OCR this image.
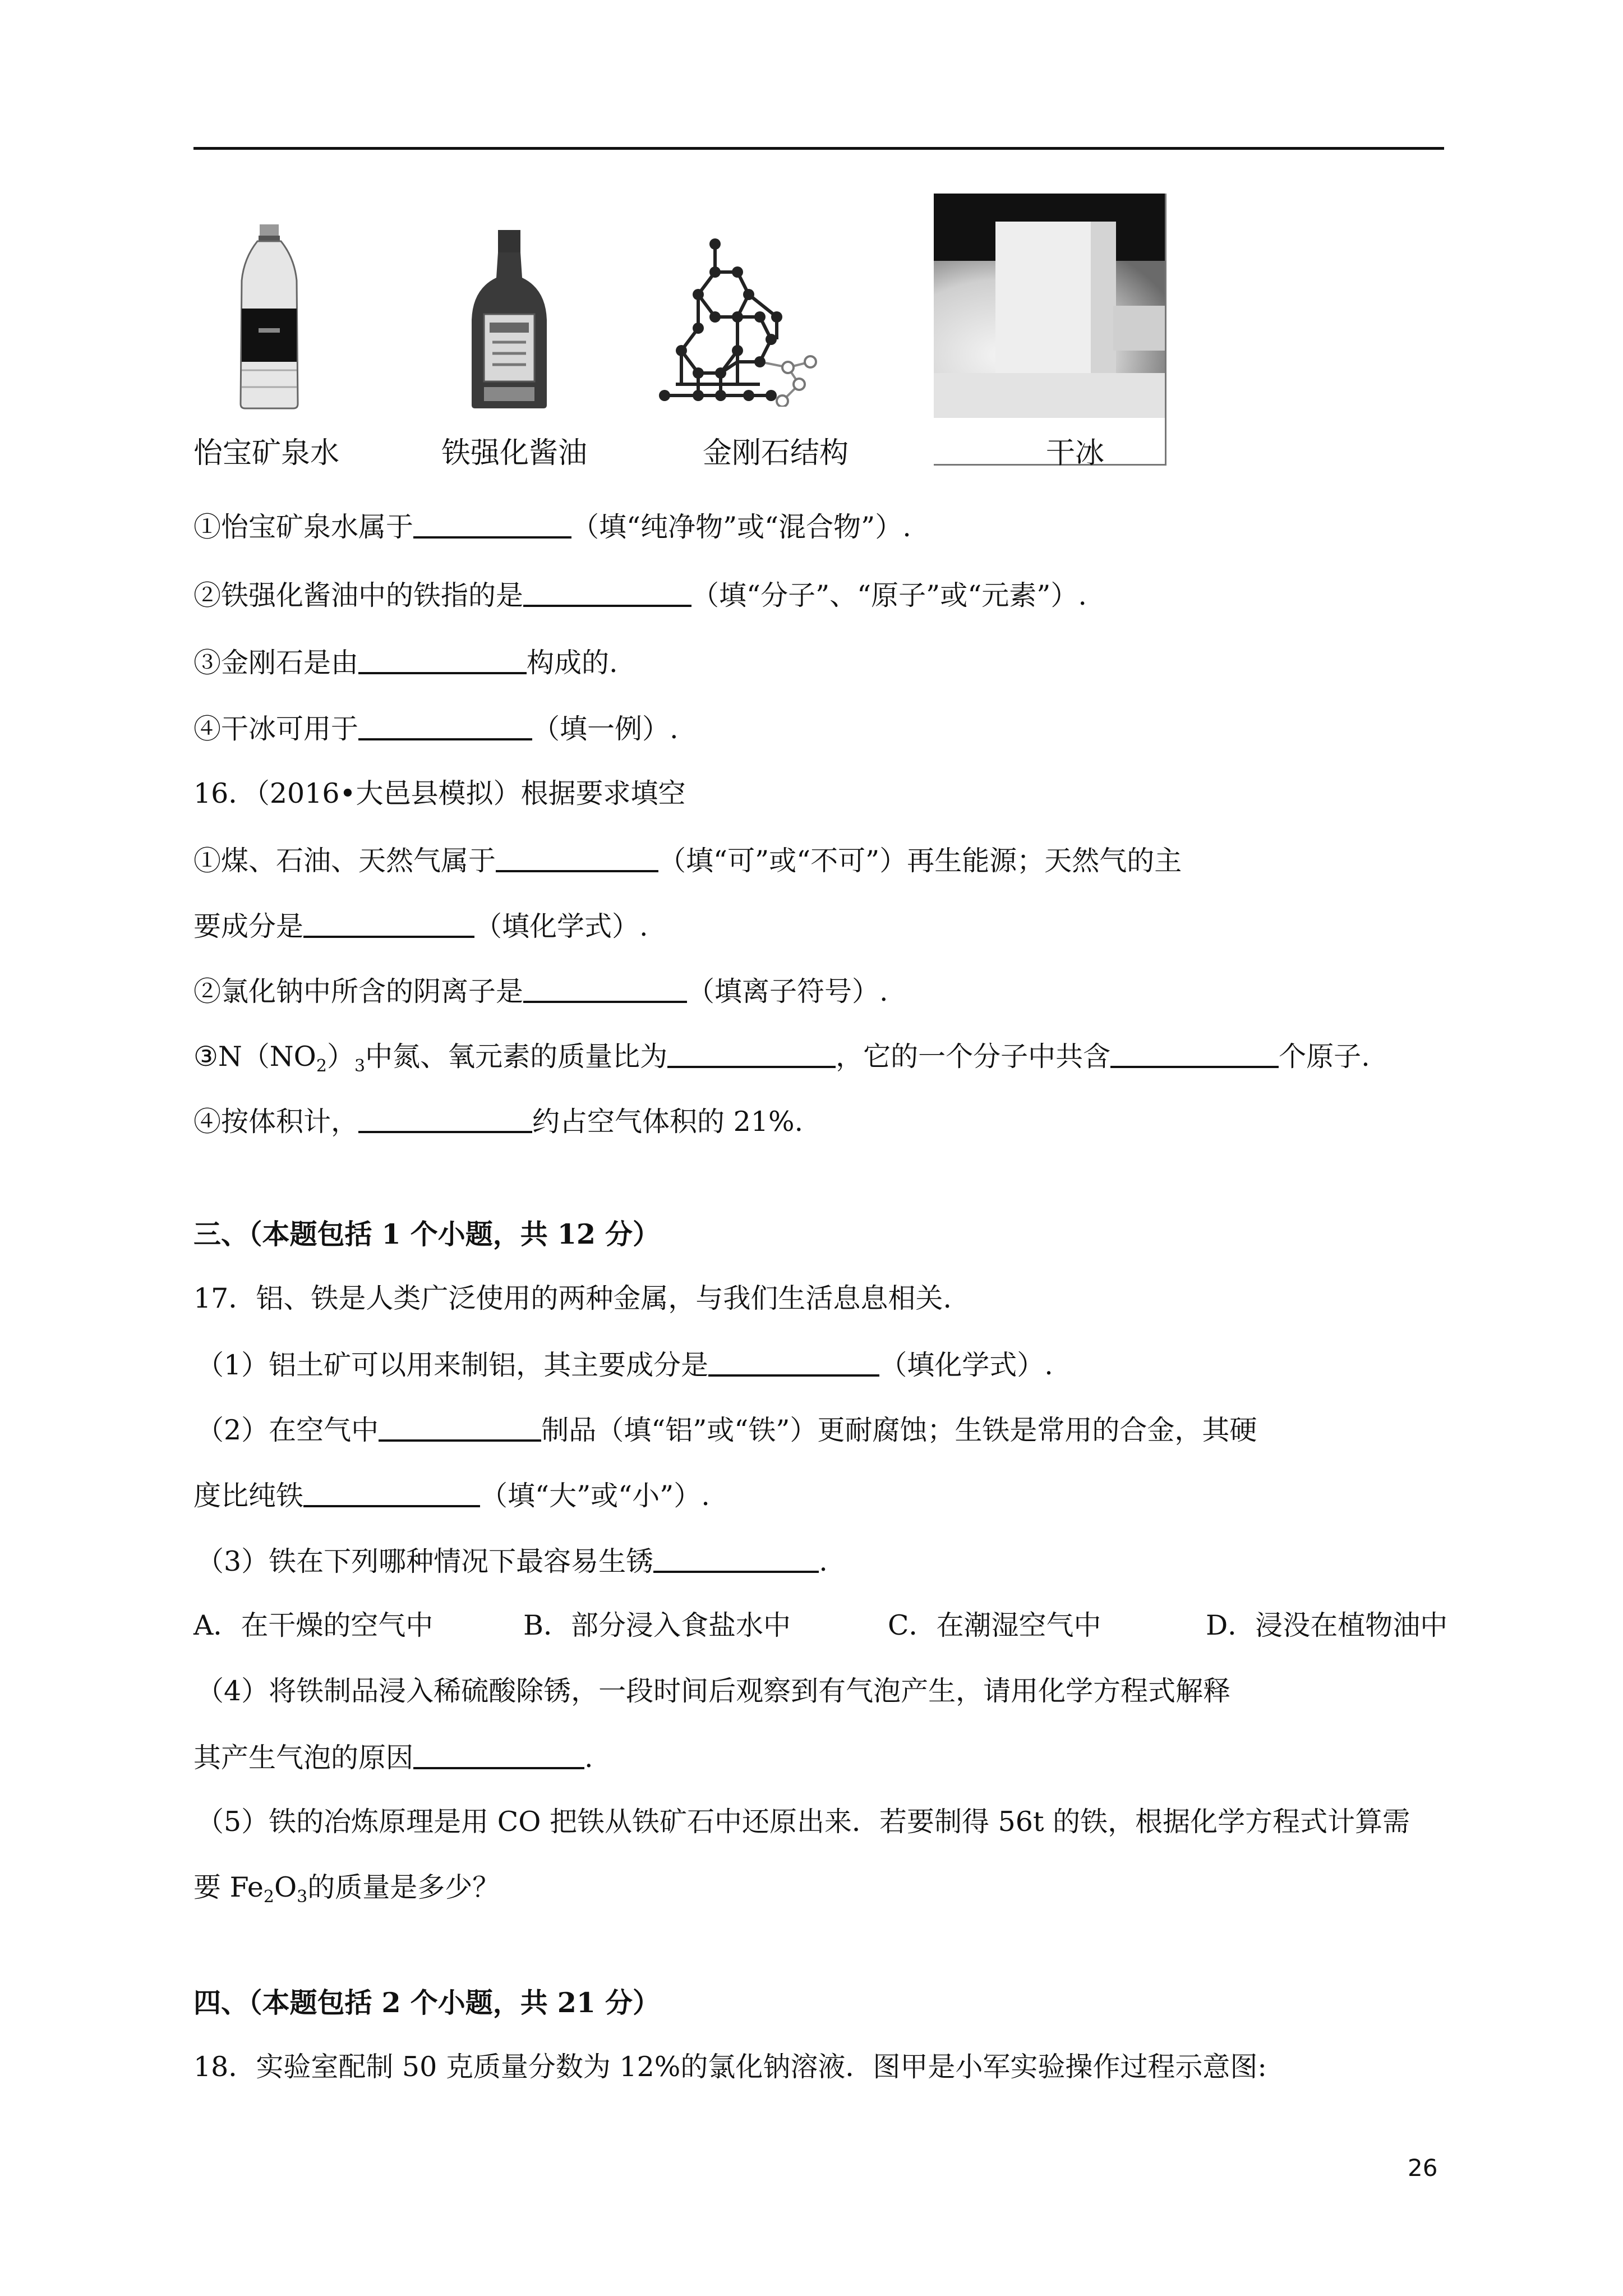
怡宝矿泉水	铁强化酱油	金刚石结构	干冰
①怡宝矿泉水属于	（填“纯净物”或“混合物”）.
②铁强化酱油中的铁指的是	（填“分子”、“原子”或“元素”）.
③金刚石是由	构成的.
④干冰可用于	（填一例）.
16．（2016•大邑县模拟）根据要求填空
①煤、石油、天然气属于	（填“可”或“不可”）再生能源；天然气的主
要成分是	（填化学式）.
②氯化钠中所含的阴离子是	（填离子符号）.
$③N(NO_2)_3$中氮、氧元素的质量比为	，它的一个分子中共含	个原子.
④按体积计，	约占空气体积的 21%.
三、（本题包括 1 个小题，共 12 分）
17．铝、铁是人类广泛使用的两种金属，与我们生活息息相关.
（1）铝土矿可以用来制铝，其主要成分是	（填化学式）.
（2）在空气中	制品（填“铝”或“铁”）更耐腐蚀；生铁是常用的合金，其硬
度比纯铁	（填“大”或“小”）.
（3）铁在下列哪种情况下最容易生锈	.
A．在干燥的空气中	B．部分浸入食盐水中	C．在潮湿空气中	D．浸没在植物油中
（4）将铁制品浸入稀硫酸除锈，一段时间后观察到有气泡产生，请用化学方程式解释
其产生气泡的原因	.
（5）铁的冶炼原理是用 CO 把铁从铁矿石中还原出来．若要制得 56t 的铁，根据化学方程式计算需
要 $Fe_2O_3$的质量是多少？
四、（本题包括 2 个小题，共 21 分）
18．实验室配制 50 克质量分数为 12%的氯化钠溶液．图甲是小军实验操作过程示意图:
26
